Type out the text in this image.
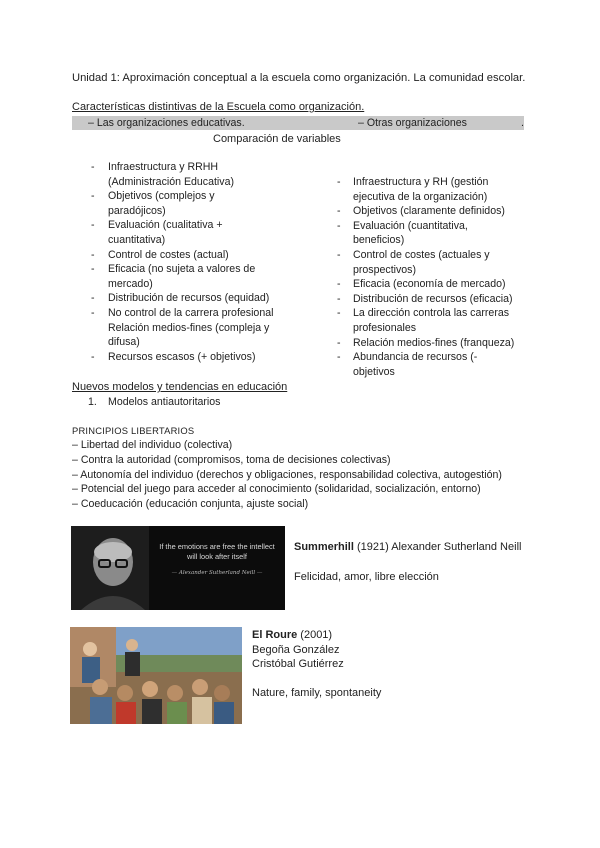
Unidad 1: Aproximación conceptual a la escuela como organización. La comunidad escolar.
Características distintivas de la Escuela como organización.
– Las organizaciones educativas.	– Otras organizaciones	.
Comparación de variables
- Infraestructura y RRHH
(Administración Educativa)
- Objetivos (complejos y
paradójicos)
- Evaluación (cualitativa +
cuantitativa)
- Control de costes (actual)
- Eficacia (no sujeta a valores de
mercado)
- Distribución de recursos (equidad)
- No control de la carrera profesional
Relación medios-fines (compleja y
difusa)
- Recursos escasos (+ objetivos)
- Infraestructura y RH (gestión
ejecutiva de la organización)
- Objetivos (claramente definidos)
- Evaluación (cuantitativa,
beneficios)
- Control de costes (actuales y
prospectivos)
- Eficacia (economía de mercado)
- Distribución de recursos (eficacia)
- La dirección controla las carreras
profesionales
- Relación medios-fines (franqueza)
- Abundancia de recursos (-
objetivos
Nuevos modelos y tendencias en educación
1. Modelos antiautoritarios
PRINCIPIOS LIBERTARIOS
– Libertad del individuo (colectiva)
– Contra la autoridad (compromisos, toma de decisiones colectivas)
– Autonomía del individuo (derechos y obligaciones, responsabilidad colectiva, autogestión)
– Potencial del juego para acceder al conocimiento (solidaridad, socialización, entorno)
– Coeducación (educación conjunta, ajuste social)
If the emotions are free the intellect
will look after itself
— Alexander Sutherland Neill —
Summerhill (1921) Alexander Sutherland Neill
Felicidad, amor, libre elección
El Roure (2001)
Begoña González
Cristóbal Gutiérrez
Nature, family, spontaneity
